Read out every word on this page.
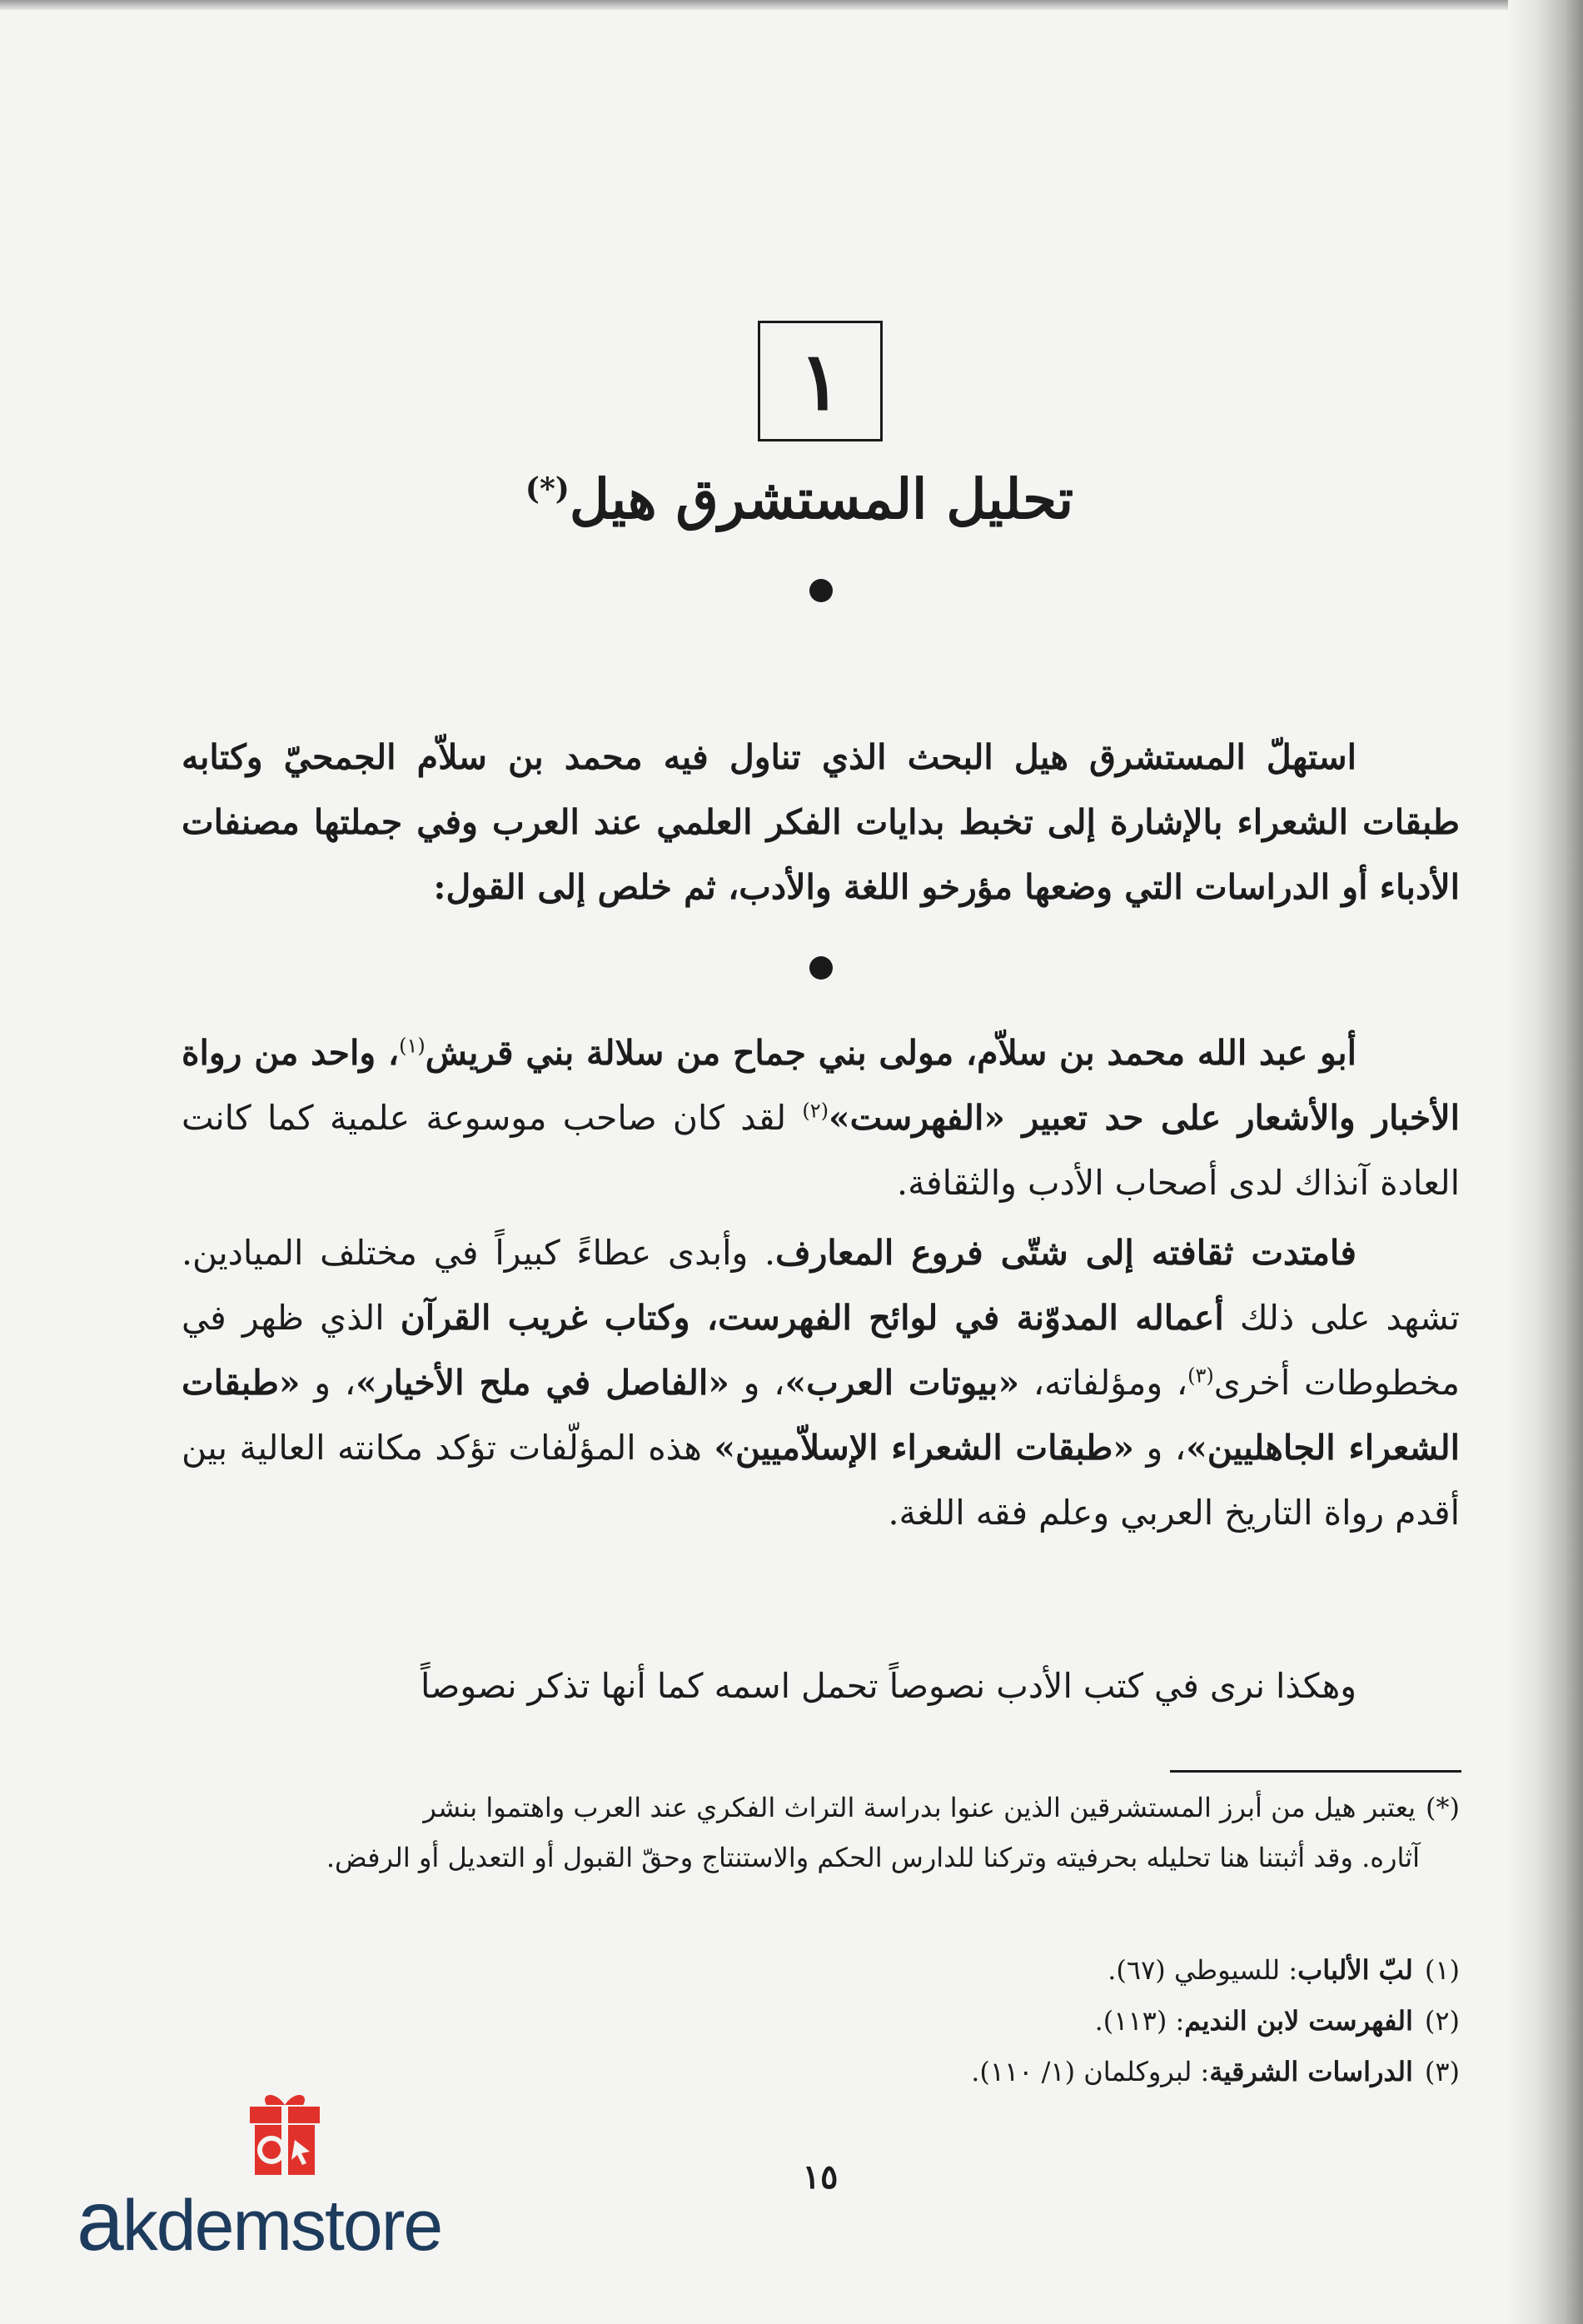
١
تحليل المستشرق هيل(*)
استهلّ المستشرق هيل البحث الذي تناول فيه محمد بن سلاّم الجمحيّ وكتابه طبقات الشعراء بالإشارة إلى تخبط بدايات الفكر العلمي عند العرب وفي جملتها مصنفات الأدباء أو الدراسات التي وضعها مؤرخو اللغة والأدب، ثم خلص إلى القول:
أبو عبد الله محمد بن سلاّم، مولى بني جماح من سلالة بني قريش$^{(١)}$، واحد من رواة الأخبار والأشعار على حد تعبير «الفهرست»$^{(٢)}$ لقد كان صاحب موسوعة علمية كما كانت العادة آنذاك لدى أصحاب الأدب والثقافة.
فامتدت ثقافته إلى شتّى فروع المعارف. وأبدى عطاءً كبيراً في مختلف الميادين. تشهد على ذلك أعماله المدوّنة في لوائح الفهرست، وكتاب غريب القرآن الذي ظهر في مخطوطات أخرى$^{(٣)}$، ومؤلفاته، «بيوتات العرب»، و «الفاصل في ملح الأخيار»، و «طبقات الشعراء الجاهليين»، و «طبقات الشعراء الإسلاّميين» هذه المؤلّفات تؤكد مكانته العالية بين أقدم رواة التاريخ العربي وعلم فقه اللغة.
وهكذا نرى في كتب الأدب نصوصاً تحمل اسمه كما أنها تذكر نصوصاً
(*)يعتبر هيل من أبرز المستشرقين الذين عنوا بدراسة التراث الفكري عند العرب واهتموا بنشر
آثاره. وقد أثبتنا هنا تحليله بحرفيته وتركنا للدارس الحكم والاستنتاج وحقّ القبول أو التعديل أو الرفض.
(١)لبّ الألباب: للسيوطي (٦٧).
(٢)الفهرست لابن النديم: (١١٣).
(٣)الدراسات الشرقية: لبروكلمان (١/ ١١٠).
١٥
akdemstore
